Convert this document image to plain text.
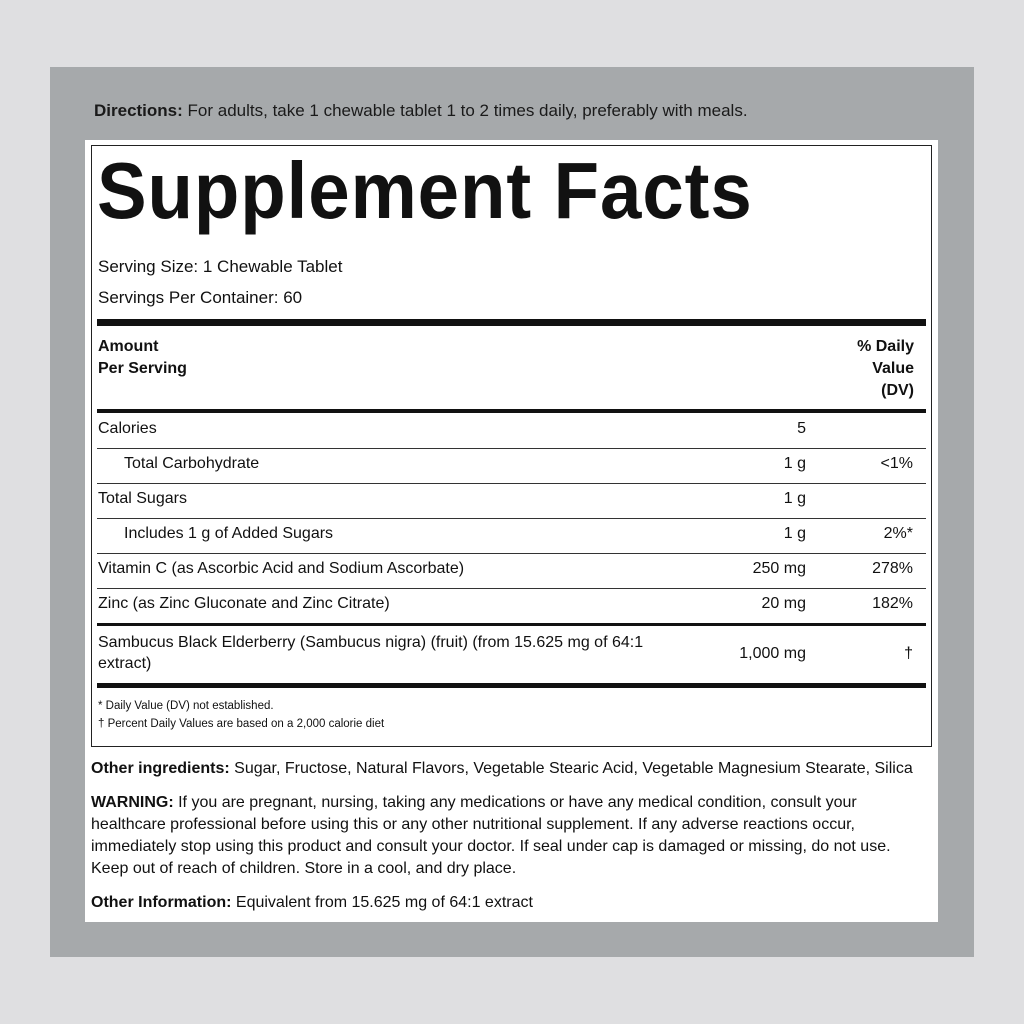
Directions: For adults, take 1 chewable tablet 1 to 2 times daily, preferably with meals.
Supplement Facts
Serving Size: 1 Chewable Tablet
Servings Per Container: 60
Amount
Per Serving
% Daily
Value
(DV)
Calories	5
Total Carbohydrate	1 g	<1%
Total Sugars	1 g
Includes 1 g of Added Sugars	1 g	2%*
Vitamin C (as Ascorbic Acid and Sodium Ascorbate)	250 mg	278%
Zinc (as Zinc Gluconate and Zinc Citrate)	20 mg	182%
Sambucus Black Elderberry (Sambucus nigra) (fruit) (from 15.625 mg of 64:1
extract)
1,000 mg	†
* Daily Value (DV) not established.
† Percent Daily Values are based on a 2,000 calorie diet
Other ingredients: Sugar, Fructose, Natural Flavors, Vegetable Stearic Acid, Vegetable Magnesium Stearate, Silica
WARNING: If you are pregnant, nursing, taking any medications or have any medical condition, consult your healthcare professional before using this or any other nutritional supplement. If any adverse reactions occur, immediately stop using this product and consult your doctor. If seal under cap is damaged or missing, do not use. Keep out of reach of children. Store in a cool, and dry place.
Other Information: Equivalent from 15.625 mg of 64:1 extract
